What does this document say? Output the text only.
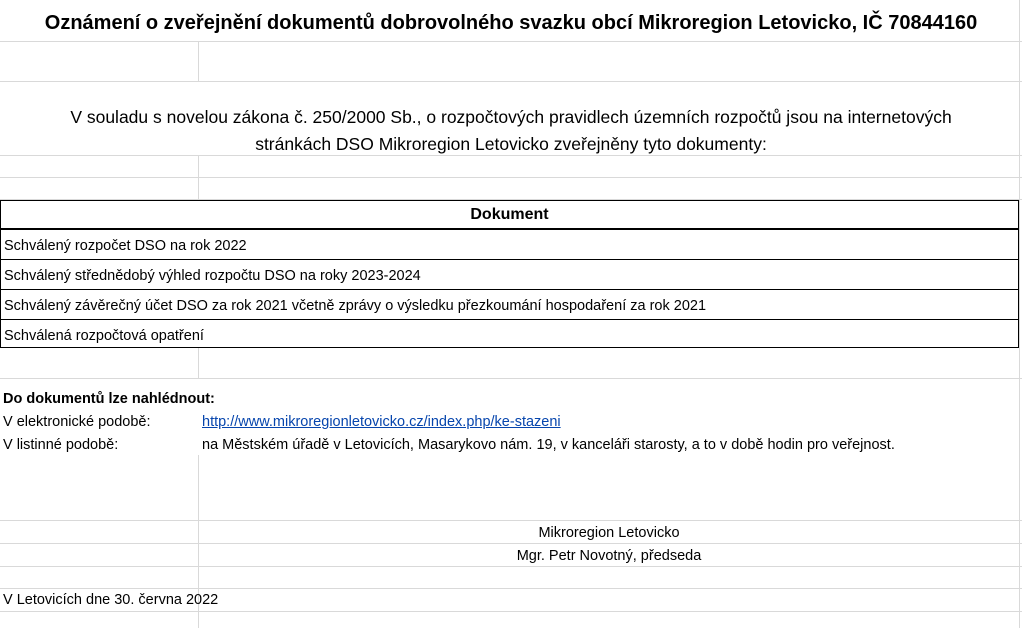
Oznámení o zveřejnění dokumentů dobrovolného svazku obcí Mikroregion Letovicko, IČ 70844160
V souladu s novelou zákona č. 250/2000 Sb., o rozpočtových pravidlech územních rozpočtů jsou na internetových
stránkách DSO Mikroregion Letovicko zveřejněny tyto dokumenty:
Dokument
Schválený rozpočet DSO na rok 2022
Schválený střednědobý výhled rozpočtu DSO na roky 2023-2024
Schválený závěrečný účet DSO za rok 2021 včetně zprávy o výsledku přezkoumání hospodaření za rok 2021
Schválená rozpočtová opatření
Do dokumentů lze nahlédnout:
V elektronické podobě:	http://www.mikroregionletovicko.cz/index.php/ke-stazeni
V listinné podobě:	na Městském úřadě v Letovicích, Masarykovo nám. 19, v kanceláři starosty, a to v době hodin pro veřejnost.
Mikroregion Letovicko
Mgr. Petr Novotný, předseda
V Letovicích dne 30. června 2022
